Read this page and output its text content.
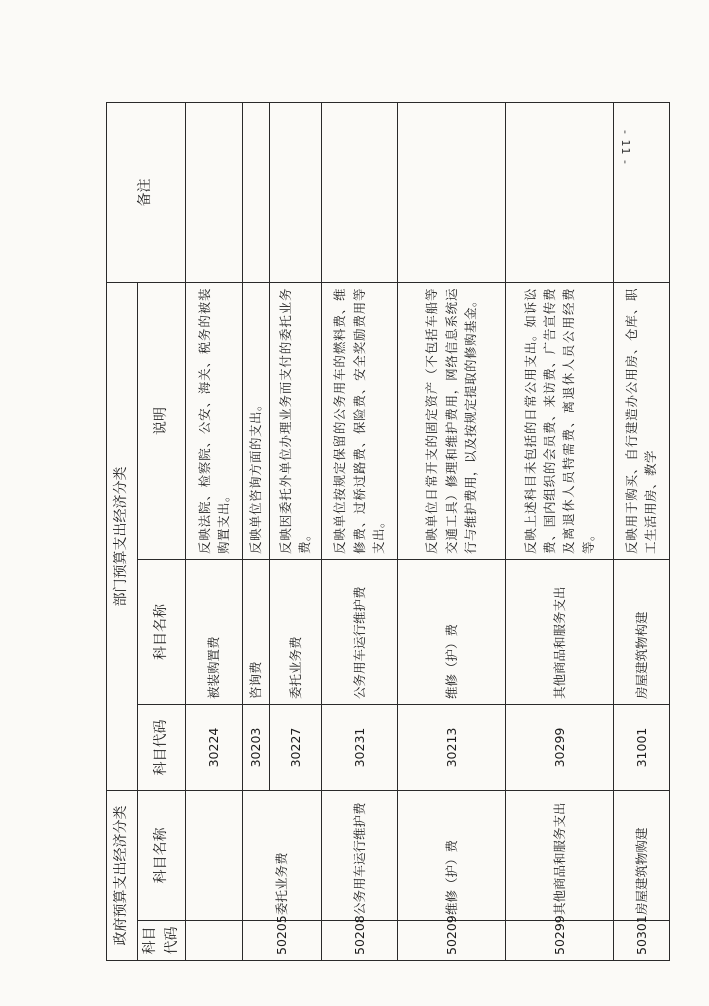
- 11 -
政府预算支出经济分类		部门预算支出经济分类			备注
科目代码	科目名称	科目代码	科目名称	说明	
		30224	被装购置费	反映法院、检察院、公安、海关、税务的被装购置支出。	
50205	委托业务费	30203	咨询费	反映单位咨询方面的支出。	
		30227	委托业务费	反映因委托外单位办理业务而支付的委托业务费。	
50208	公务用车运行维护费	30231	公务用车运行维护费	反映单位按规定保留的公务用车的燃料费、维修费、过桥过路费、保险费、安全奖励费用等支出。	
50209	维修（护）费	30213	维修（护）费	反映单位日常开支的固定资产（不包括车船等交通工具）修理和维护费用，网络信息系统运行与维护费用，以及按规定提取的修购基金。	
50299	其他商品和服务支出	30299	其他商品和服务支出	反映上述科目未包括的日常公用支出。如诉讼费、国内组织的会员费、来访费、广告宣传费及离退休人员特需费、离退休人员公用经费等。	
50301	房屋建筑物购建	31001	房屋建筑物构建	反映用于购买、自行建造办公用房、仓库、职工生活用房、教学	
